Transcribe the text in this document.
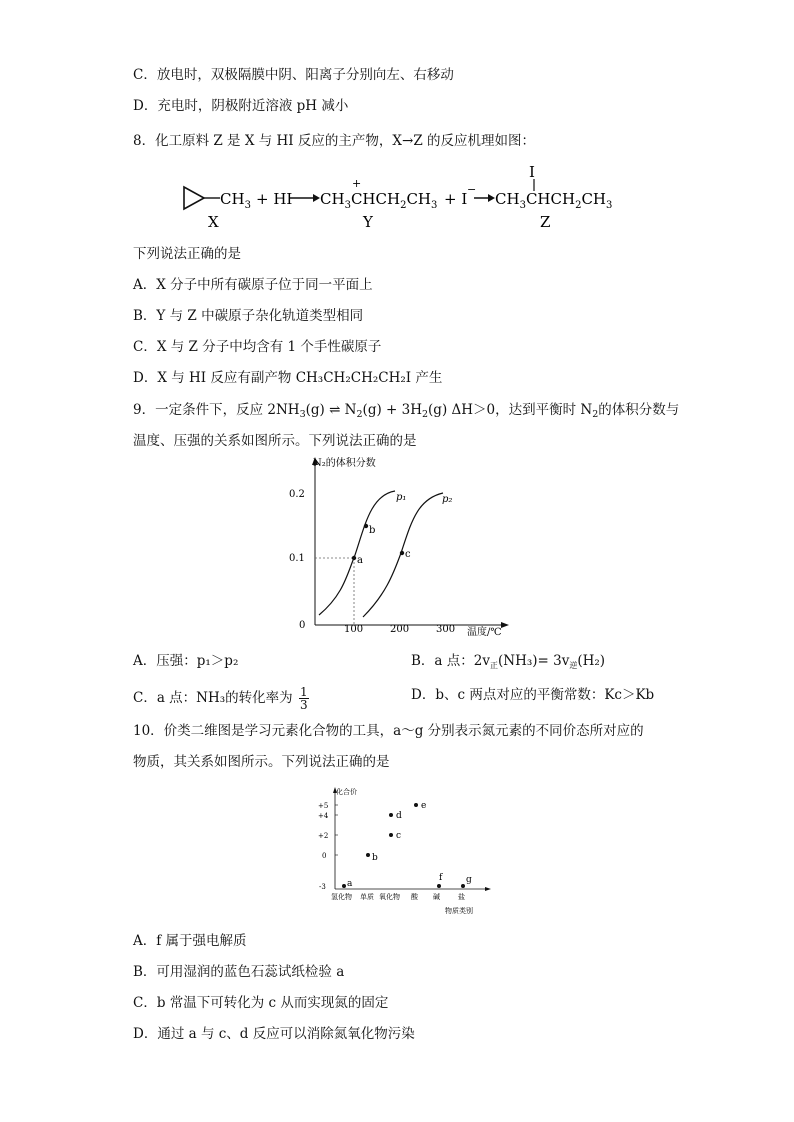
C．放电时，双极隔膜中阴、阳离子分别向左、右移动
D．充电时，阴极附近溶液 pH 减小
8．化工原料 Z 是 X 与 HI 反应的主产物，X→Z 的反应机理如图：
$CH_3$ + HI $CH_3CHCH_2CH_3$
+
+ I
−
$CH_3CHCH_2CH_3$
I
X	Y	Z
下列说法正确的是
A．X 分子中所有碳原子位于同一平面上
B．Y 与 Z 中碳原子杂化轨道类型相同
C．X 与 Z 分子中均含有 1 个手性碳原子
D．X 与 HI 反应有副产物 CH₃CH₂CH₂CH₂I 产生
9．一定条件下，反应 $2NH_3(g)$ ⇌ $N_2(g) + 3H_2(g)$ ΔH＞0，达到平衡时 $N_2$的体积分数与
温度、压强的关系如图所示。下列说法正确的是
N₂的体积分数
温度/℃
0.2
0.1
0	100	200	300
p₁	p₂
a
b
c
A．压强：p₁＞p₂	B．a 点：$2v_正(NH_3)= 3v_逆(H_2)$
C．a 点：NH₃的转化率为 $\frac{1}{3}$	D．b、c 两点对应的平衡常数：Kc＞Kb
10．价类二维图是学习元素化合物的工具，a～g 分别表示氮元素的不同价态所对应的
物质，其关系如图所示。下列说法正确的是
化合价
物质类别
+5
+4
+2
0
-3
氢化物 单质 氧化物 酸 碱	盐
a
b
c
d
e
f	g
A．f 属于强电解质
B．可用湿润的蓝色石蕊试纸检验 a
C．b 常温下可转化为 c 从而实现氮的固定
D．通过 a 与 c、d 反应可以消除氮氧化物污染
